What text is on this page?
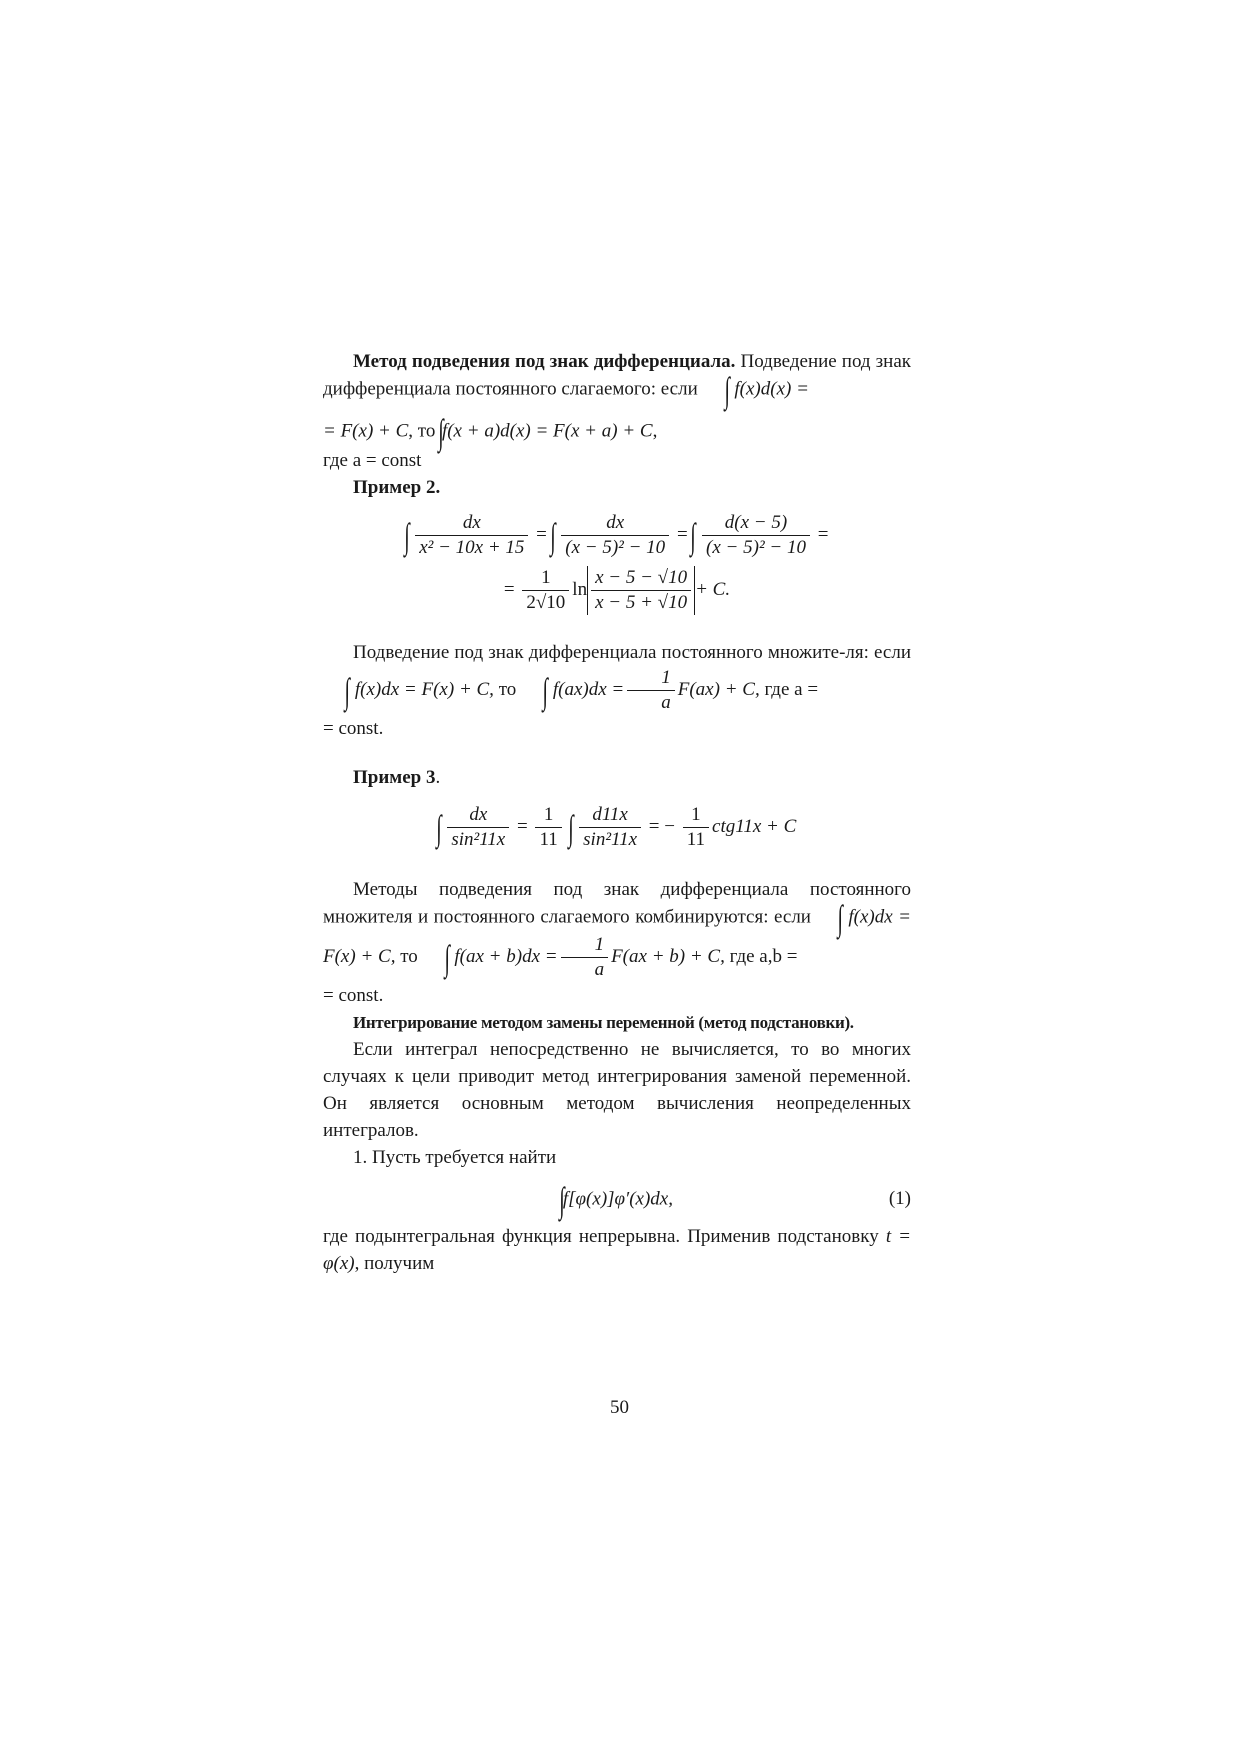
Метод подведения под знак дифференциала. Подведение под знак дифференциала постоянного слагаемого: если ∫ f(x)d(x) =
= F(x) + C, то ∫f(x + a)d(x) = F(x + a) + C,
где a = const
Пример 2.
∫ $\frac{dx}{\text{x² − 10x + 15}}$ = ∫ $\frac{dx}{\text{(x − 5)² − 10}}$ = ∫ $\frac{d(x - 5)}{\text{(x − 5)² − 10}}$ =
= $\frac{1}{2√10}$ $\ln \frac{x - 5 - √10}{x - 5 + √10} + C$.
Подведение под знак дифференциала постоянного множите-ля: если ∫ f(x)dx = F(x) + C, то ∫ $f(ax)dx = \frac{1}{a} F(ax) + C$, где a =
= const.
Пример 3.
∫ $\frac{dx}{\text{sin²11x}} = \frac{1}{11}$ ∫ $\frac{d11x}{\text{sin²11x}}$ = − $\frac{1}{11} ctg11x + C$
Методы подведения под знак дифференциала постоянного множителя и постоянного слагаемого комбинируются: если ∫ f(x)dx = F(x) + C, то ∫ $f(ax + b)dx = \frac{1}{a} F(ax + b) + C$, где a,b =
= const.
Интегрирование методом замены переменной (метод подстановки).
Если интеграл непосредственно не вычисляется, то во многих случаях к цели приводит метод интегрирования заменой переменной. Он является основным методом вычисления неопределенных интегралов.
1. Пусть требуется найти
∫f[φ(x)]φ′(x)dx,	(1)
где подынтегральная функция непрерывна. Применив подстановку t = φ(x), получим
50
